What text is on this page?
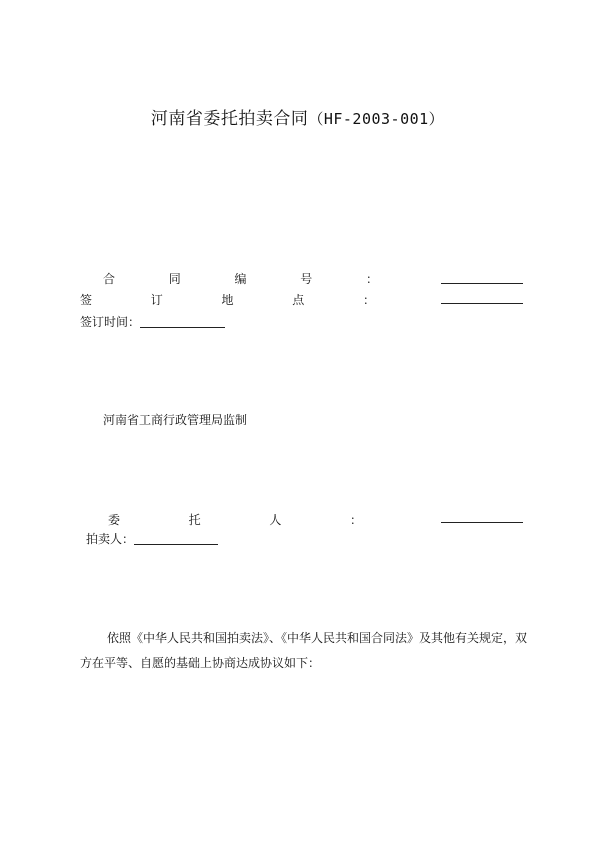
河南省委托拍卖合同（HF-2003-001）
合	同	编	号	：
签	订	地	点	：
签订时间：
河南省工商行政管理局监制
委	托	人	：
拍卖人：
依照《中华人民共和国拍卖法》、《中华人民共和国合同法》及其他有关规定，双方在平等、自愿的基础上协商达成协议如下：
